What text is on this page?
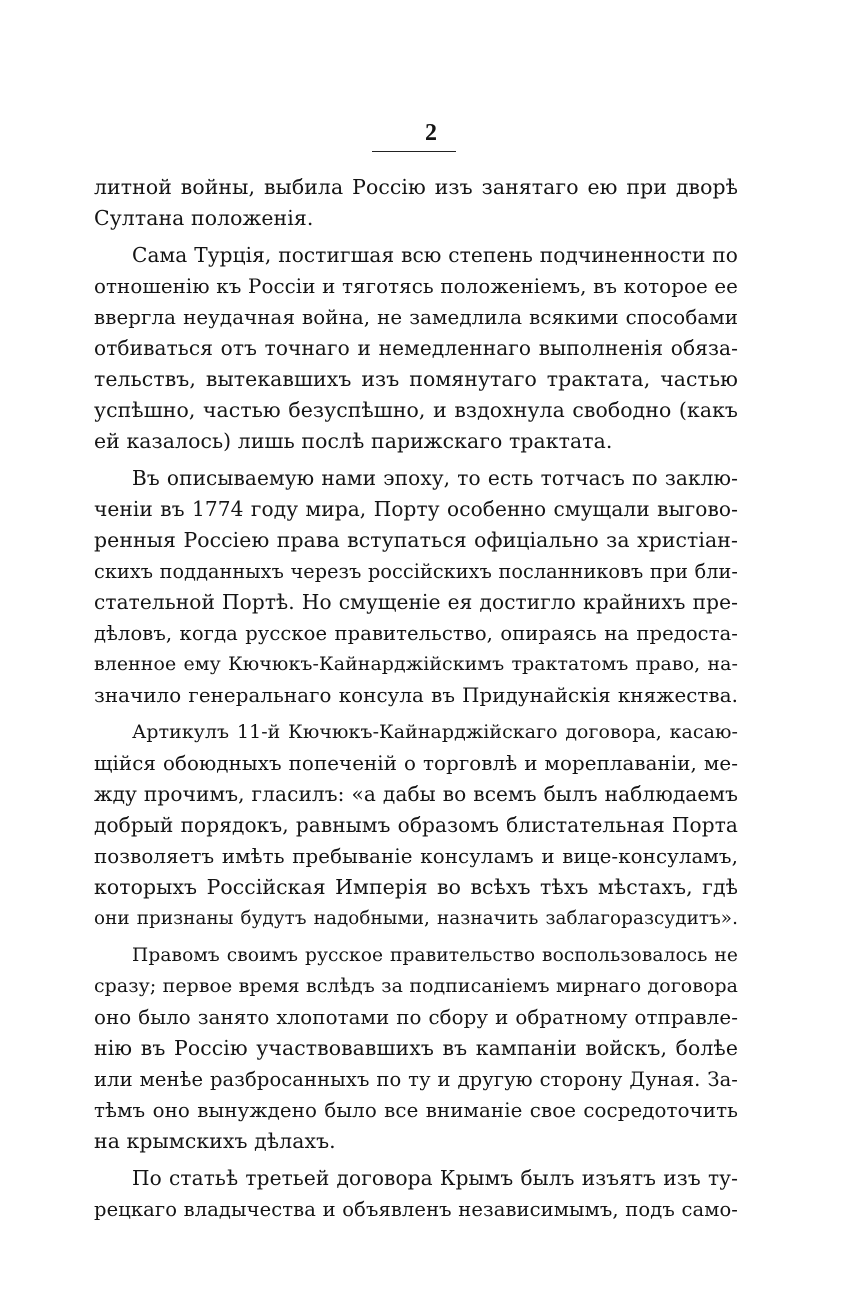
2
литной войны, выбила Россію изъ занятаго ею при дворѣ
Султана положенія.
Сама Турція, постигшая всю степень подчиненности по
отношенію къ Россіи и тяготясь положеніемъ, въ которое ее
ввергла неудачная война, не замедлила всякими способами
отбиваться отъ точнаго и немедленнаго выполненія обяза-
тельствъ, вытекавшихъ изъ помянутаго трактата, частью
успѣшно, частью безуспѣшно, и вздохнула свободно (какъ
ей казалось) лишь послѣ парижскаго трактата.
Въ описываемую нами эпоху, то есть тотчасъ по заклю-
ченіи въ 1774 году мира, Порту особенно смущали выгово-
ренныя Россіею права вступаться офиціально за христіан-
скихъ подданныхъ черезъ россійскихъ посланниковъ при бли-
стательной Портѣ. Но смущеніе ея достигло крайнихъ пре-
дѣловъ, когда русское правительство, опираясь на предоста-
вленное ему Кючюкъ-Кайнарджійскимъ трактатомъ право, на-
значило генеральнаго консула въ Придунайскія княжества.
Артикулъ 11-й Кючюкъ-Кайнарджійскаго договора, касаю-
щійся обоюдныхъ попеченій о торговлѣ и мореплаваніи, ме-
жду прочимъ, гласилъ: «а дабы во всемъ былъ наблюдаемъ
добрый порядокъ, равнымъ образомъ блистательная Порта
позволяетъ имѣть пребываніе консуламъ и вице-консуламъ,
которыхъ Россійская Имперія во всѣхъ тѣхъ мѣстахъ, гдѣ
они признаны будутъ надобными, назначить заблагоразсудитъ».
Правомъ своимъ русское правительство воспользовалось не
сразу; первое время вслѣдъ за подписаніемъ мирнаго договора
оно было занято хлопотами по сбору и обратному отправле-
нію въ Россію участвовавшихъ въ кампаніи войскъ, болѣе
или менѣе разбросанныхъ по ту и другую сторону Дуная. За-
тѣмъ оно вынуждено было все вниманіе свое сосредоточить
на крымскихъ дѣлахъ.
По статьѣ третьей договора Крымъ былъ изъятъ изъ ту-
рецкаго владычества и объявленъ независимымъ, подъ само-
